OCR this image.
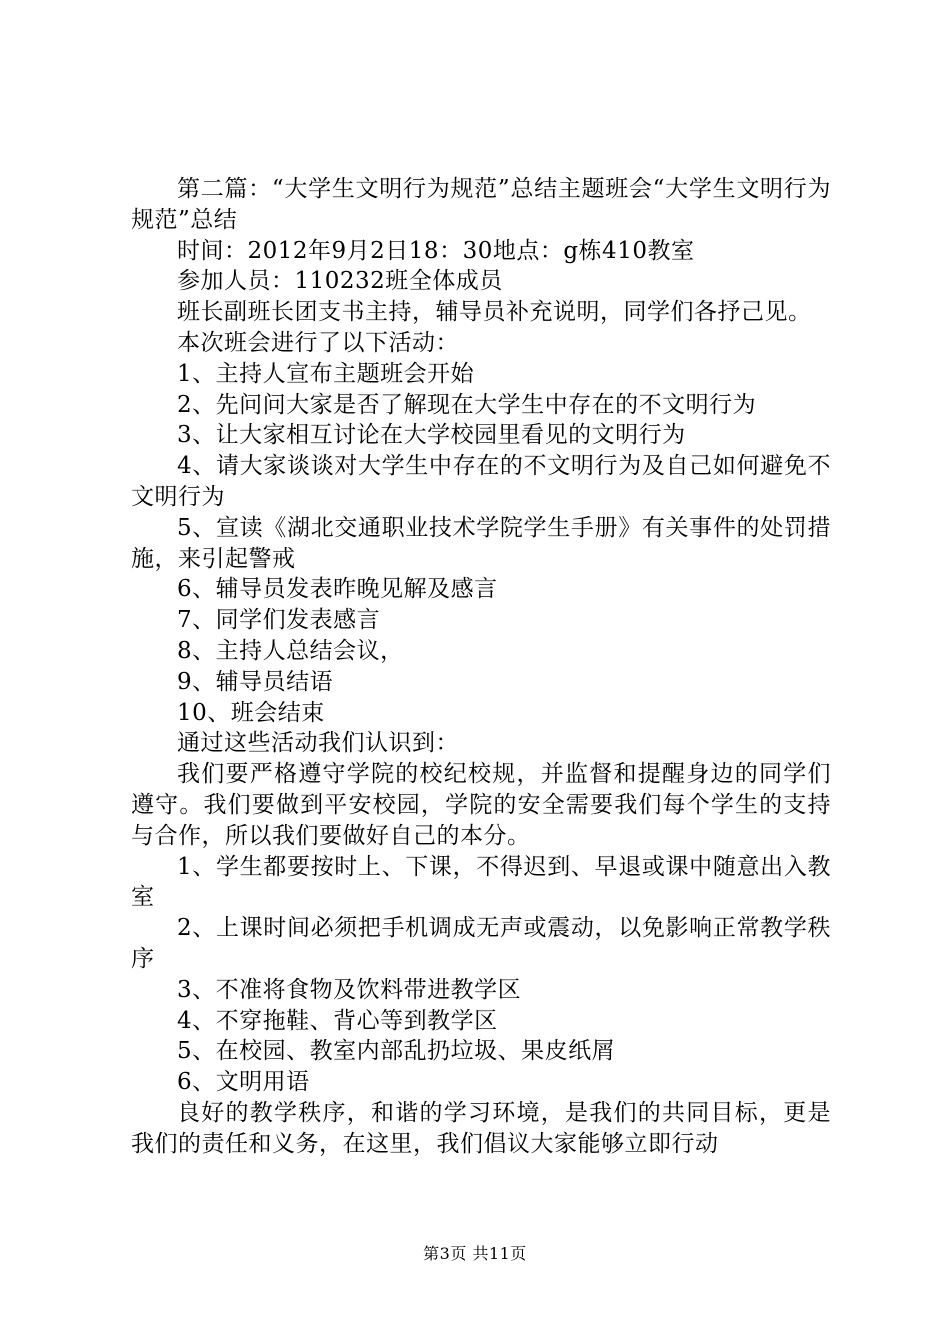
第二篇：“大学生文明行为规范”总结主题班会“大学生文明行为规范”总结

时间：2012年9月2日18：30地点：g栋410教室

参加人员：110232班全体成员

班长副班长团支书主持，辅导员补充说明，同学们各抒己见。

本次班会进行了以下活动：

1、主持人宣布主题班会开始

2、先问问大家是否了解现在大学生中存在的不文明行为

3、让大家相互讨论在大学校园里看见的文明行为

4、请大家谈谈对大学生中存在的不文明行为及自己如何避免不文明行为

5、宣读《湖北交通职业技术学院学生手册》有关事件的处罚措施，来引起警戒

6、辅导员发表昨晚见解及感言

7、同学们发表感言

8、主持人总结会议，

9、辅导员结语

10、班会结束

通过这些活动我们认识到：

我们要严格遵守学院的校纪校规，并监督和提醒身边的同学们遵守。我们要做到平安校园，学院的安全需要我们每个学生的支持与合作，所以我们要做好自己的本分。

1、学生都要按时上、下课，不得迟到、早退或课中随意出入教室

2、上课时间必须把手机调成无声或震动，以免影响正常教学秩序

3、不准将食物及饮料带进教学区

4、不穿拖鞋、背心等到教学区

5、在校园、教室内部乱扔垃圾、果皮纸屑

6、文明用语

良好的教学秩序，和谐的学习环境，是我们的共同目标，更是我们的责任和义务，在这里，我们倡议大家能够立即行动

第3页 共11页
